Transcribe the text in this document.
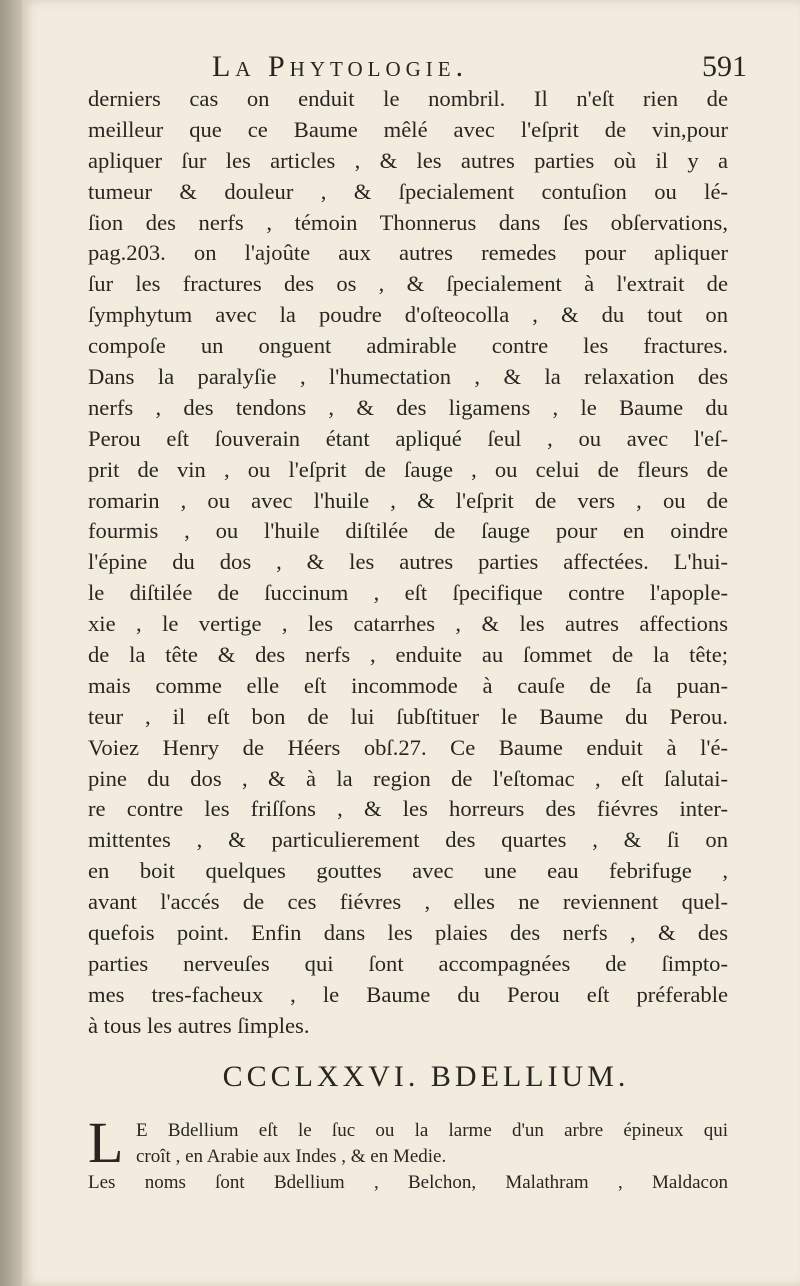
La Phytologie.	591
derniers cas on enduit le nombril. Il n'eſt rien de
meilleur que ce Baume mêlé avec l'eſprit de vin,pour
apliquer ſur les articles , & les autres parties où il y a
tumeur & douleur , & ſpecialement contuſion ou lé-
ſion des nerfs , témoin Thonnerus dans ſes obſervations,
pag.203. on l'ajoûte aux autres remedes pour apliquer
ſur les fractures des os , & ſpecialement à l'extrait de
ſymphytum avec la poudre d'oſteocolla , & du tout on
compoſe un onguent admirable contre les fractures.
Dans la paralyſie , l'humectation , & la relaxation des
nerfs , des tendons , & des ligamens , le Baume du
Perou eſt ſouverain étant apliqué ſeul , ou avec l'eſ-
prit de vin , ou l'eſprit de ſauge , ou celui de fleurs de
romarin , ou avec l'huile , & l'eſprit de vers , ou de
fourmis , ou l'huile diſtilée de ſauge pour en oindre
l'épine du dos , & les autres parties affectées. L'hui-
le diſtilée de ſuccinum , eſt ſpecifique contre l'apople-
xie , le vertige , les catarrhes , & les autres affections
de la tête & des nerfs , enduite au ſommet de la tête;
mais comme elle eſt incommode à cauſe de ſa puan-
teur , il eſt bon de lui ſubſtituer le Baume du Perou.
Voiez Henry de Héers obſ.27. Ce Baume enduit à l'é-
pine du dos , & à la region de l'eſtomac , eſt ſalutai-
re contre les friſſons , & les horreurs des fiévres inter-
mittentes , & particulierement des quartes , & ſi on
en boit quelques gouttes avec une eau febrifuge ,
avant l'accés de ces fiévres , elles ne reviennent quel-
quefois point. Enfin dans les plaies des nerfs , & des
parties nerveuſes qui ſont accompagnées de ſimpto-
mes tres-facheux , le Baume du Perou eſt préferable
à tous les autres ſimples.
CCCLXXVI. BDELLIUM.
L E Bdellium eſt le ſuc ou la larme d'un arbre épineux qui
croît , en Arabie aux Indes , & en Medie.
Les noms ſont Bdellium , Belchon, Malathram , Maldacon
